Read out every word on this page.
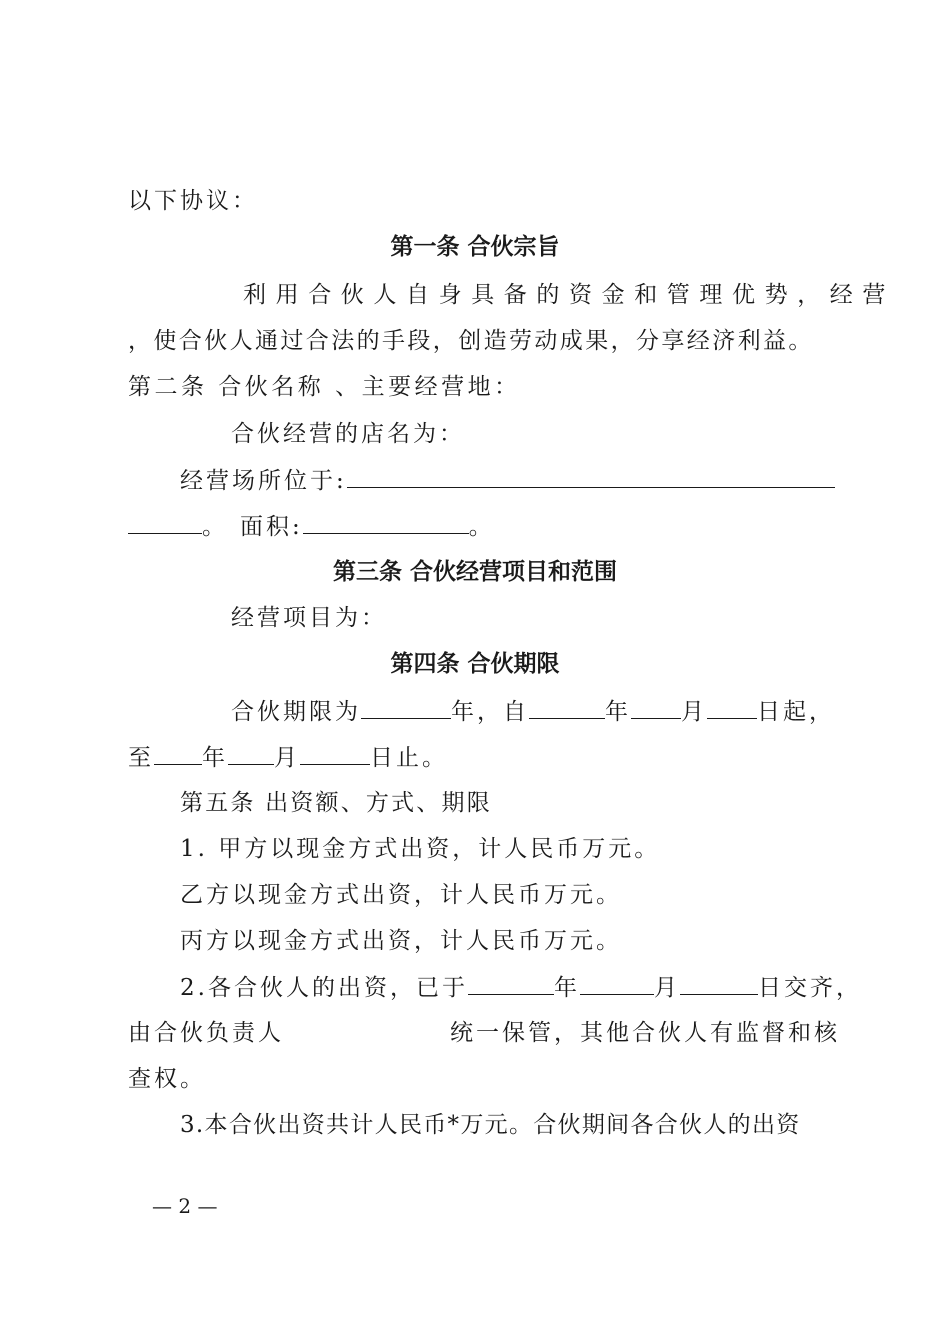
以下协议：
第一条 合伙宗旨
利用合伙人自身具备的资金和管理优势，经营
，使合伙人通过合法的手段，创造劳动成果，分享经济利益。
第二条 合伙名称 、主要经营地：
合伙经营的店名为：
经营场所位于:
。 面积:	。
第三条 合伙经营项目和范围
经营项目为：
第四条 合伙期限
合伙期限为	年，自	年 月 日起，
至 年 月	日止。
第五条 出资额、方式、期限
1. 甲方以现金方式出资，计人民币万元。
乙方以现金方式出资，计人民币万元。
丙方以现金方式出资，计人民币万元。
2.各合伙人的出资，已于	年	月	日交齐，
由合伙负责人	统一保管，其他合伙人有监督和核
查权。
3.本合伙出资共计人民币*万元。合伙期间各合伙人的出资
— 2 —
